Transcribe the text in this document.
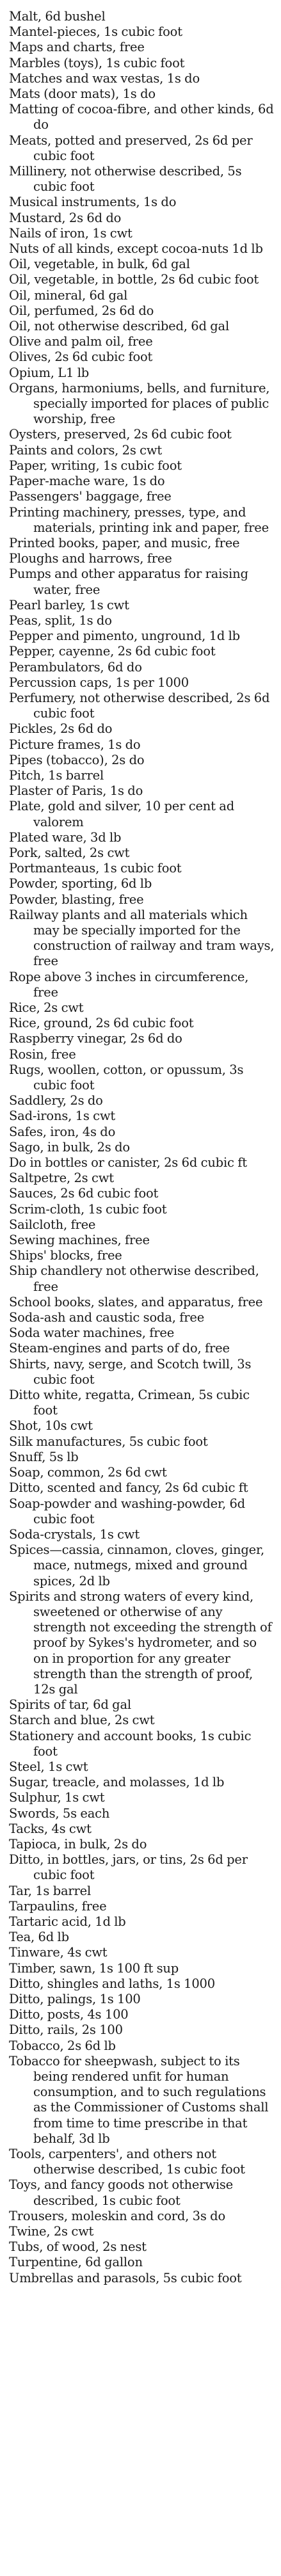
Malt, 6d bushel
Mantel-pieces, 1s cubic foot
Maps and charts, free
Marbles (toys), 1s cubic foot
Matches and wax vestas, 1s do
Mats (door mats), 1s do
Matting of cocoa-fibre, and other kinds, 6d do
Meats, potted and preserved, 2s 6d per cubic foot
Millinery, not otherwise described, 5s cubic foot
Musical instruments, 1s do
Mustard, 2s 6d do
Nails of iron, 1s cwt
Nuts of all kinds, except cocoa-nuts 1d lb
Oil, vegetable, in bulk, 6d gal
Oil, vegetable, in bottle, 2s 6d cubic foot
Oil, mineral, 6d gal
Oil, perfumed, 2s 6d do
Oil, not otherwise described, 6d gal
Olive and palm oil, free
Olives, 2s 6d cubic foot
Opium, L1 lb
Organs, harmoniums, bells, and furniture, specially imported for places of public worship, free
Oysters, preserved, 2s 6d cubic foot
Paints and colors, 2s cwt
Paper, writing, 1s cubic foot
Paper-mache ware, 1s do
Passengers' baggage, free
Printing machinery, presses, type, and materials, printing ink and paper, free
Printed books, paper, and music, free
Ploughs and harrows, free
Pumps and other apparatus for raising water, free
Pearl barley, 1s cwt
Peas, split, 1s do
Pepper and pimento, unground, 1d lb
Pepper, cayenne, 2s 6d cubic foot
Perambulators, 6d do
Percussion caps, 1s per 1000
Perfumery, not otherwise described, 2s 6d cubic foot
Pickles, 2s 6d do
Picture frames, 1s do
Pipes (tobacco), 2s do
Pitch, 1s barrel
Plaster of Paris, 1s do
Plate, gold and silver, 10 per cent ad valorem
Plated ware, 3d lb
Pork, salted, 2s cwt
Portmanteaus, 1s cubic foot
Powder, sporting, 6d lb
Powder, blasting, free
Railway plants and all materials which may be specially imported for the construction of railway and tram ways, free
Rope above 3 inches in circumference, free
Rice, 2s cwt
Rice, ground, 2s 6d cubic foot
Raspberry vinegar, 2s 6d do
Rosin, free
Rugs, woollen, cotton, or opussum, 3s cubic foot
Saddlery, 2s do
Sad-irons, 1s cwt
Safes, iron, 4s do
Sago, in bulk, 2s do
Do in bottles or canister, 2s 6d cubic ft
Saltpetre, 2s cwt
Sauces, 2s 6d cubic foot
Scrim-cloth, 1s cubic foot
Sailcloth, free
Sewing machines, free
Ships' blocks, free
Ship chandlery not otherwise described, free
School books, slates, and apparatus, free
Soda-ash and caustic soda, free
Soda water machines, free
Steam-engines and parts of do, free
Shirts, navy, serge, and Scotch twill, 3s cubic foot
Ditto white, regatta, Crimean, 5s cubic foot
Shot, 10s cwt
Silk manufactures, 5s cubic foot
Snuff, 5s lb
Soap, common, 2s 6d cwt
Ditto, scented and fancy, 2s 6d cubic ft
Soap-powder and washing-powder, 6d cubic foot
Soda-crystals, 1s cwt
Spices—cassia, cinnamon, cloves, ginger, mace, nutmegs, mixed and ground spices, 2d lb
Spirits and strong waters of every kind, sweetened or otherwise of any strength not exceeding the strength of proof by Sykes's hydrometer, and so on in proportion for any greater strength than the strength of proof, 12s gal
Spirits of tar, 6d gal
Starch and blue, 2s cwt
Stationery and account books, 1s cubic foot
Steel, 1s cwt
Sugar, treacle, and molasses, 1d lb
Sulphur, 1s cwt
Swords, 5s each
Tacks, 4s cwt
Tapioca, in bulk, 2s do
Ditto, in bottles, jars, or tins, 2s 6d per cubic foot
Tar, 1s barrel
Tarpaulins, free
Tartaric acid, 1d lb
Tea, 6d lb
Tinware, 4s cwt
Timber, sawn, 1s 100 ft sup
Ditto, shingles and laths, 1s 1000
Ditto, palings, 1s 100
Ditto, posts, 4s 100
Ditto, rails, 2s 100
Tobacco, 2s 6d lb
Tobacco for sheepwash, subject to its being rendered unfit for human consumption, and to such regulations as the Commissioner of Customs shall from time to time prescribe in that behalf, 3d lb
Tools, carpenters', and others not otherwise described, 1s cubic foot
Toys, and fancy goods not otherwise described, 1s cubic foot
Trousers, moleskin and cord, 3s do
Twine, 2s cwt
Tubs, of wood, 2s nest
Turpentine, 6d gallon
Umbrellas and parasols, 5s cubic foot
